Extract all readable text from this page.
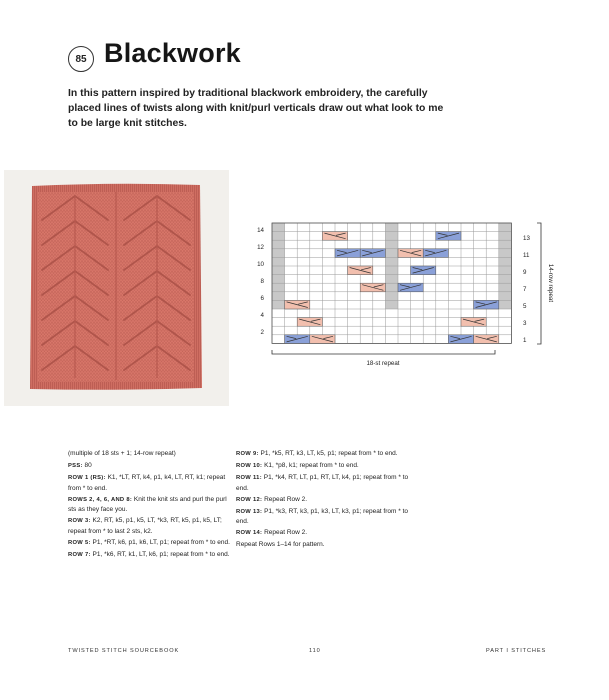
85 Blackwork
In this pattern inspired by traditional blackwork embroidery, the carefully placed lines of twists along with knit/purl verticals draw out what look to me to be large knit stitches.
14
12
10
8
6
4
2
13
11
9
7
5
3
1
14-row repeat
18-st repeat

(multiple of 18 sts + 1; 14-row repeat)

PSS: 80

ROW 1 (RS): K1, *LT, RT, k4, p1, k4, LT, RT, k1; repeat from * to end.

ROWS 2, 4, 6, AND 8: Knit the knit sts and purl the purl sts as they face you.

ROW 3: K2, RT, k5, p1, k5, LT, *k3, RT, k5, p1, k5, LT; repeat from * to last 2 sts, k2.

ROW 5: P1, *RT, k6, p1, k6, LT, p1; repeat from * to end.

ROW 7: P1, *k6, RT, k1, LT, k6, p1; repeat from * to end.

ROW 9: P1, *k5, RT, k3, LT, k5, p1; repeat from * to end.

ROW 10: K1, *p8, k1; repeat from * to end.

ROW 11: P1, *k4, RT, LT, p1, RT, LT, k4, p1; repeat from * to end.

ROW 12: Repeat Row 2.

ROW 13: P1, *k3, RT, k3, p1, k3, LT, k3, p1; repeat from * to end.

ROW 14: Repeat Row 2.

Repeat Rows 1–14 for pattern.

TWISTED STITCH SOURCEBOOK	110	PART I STITCHES
